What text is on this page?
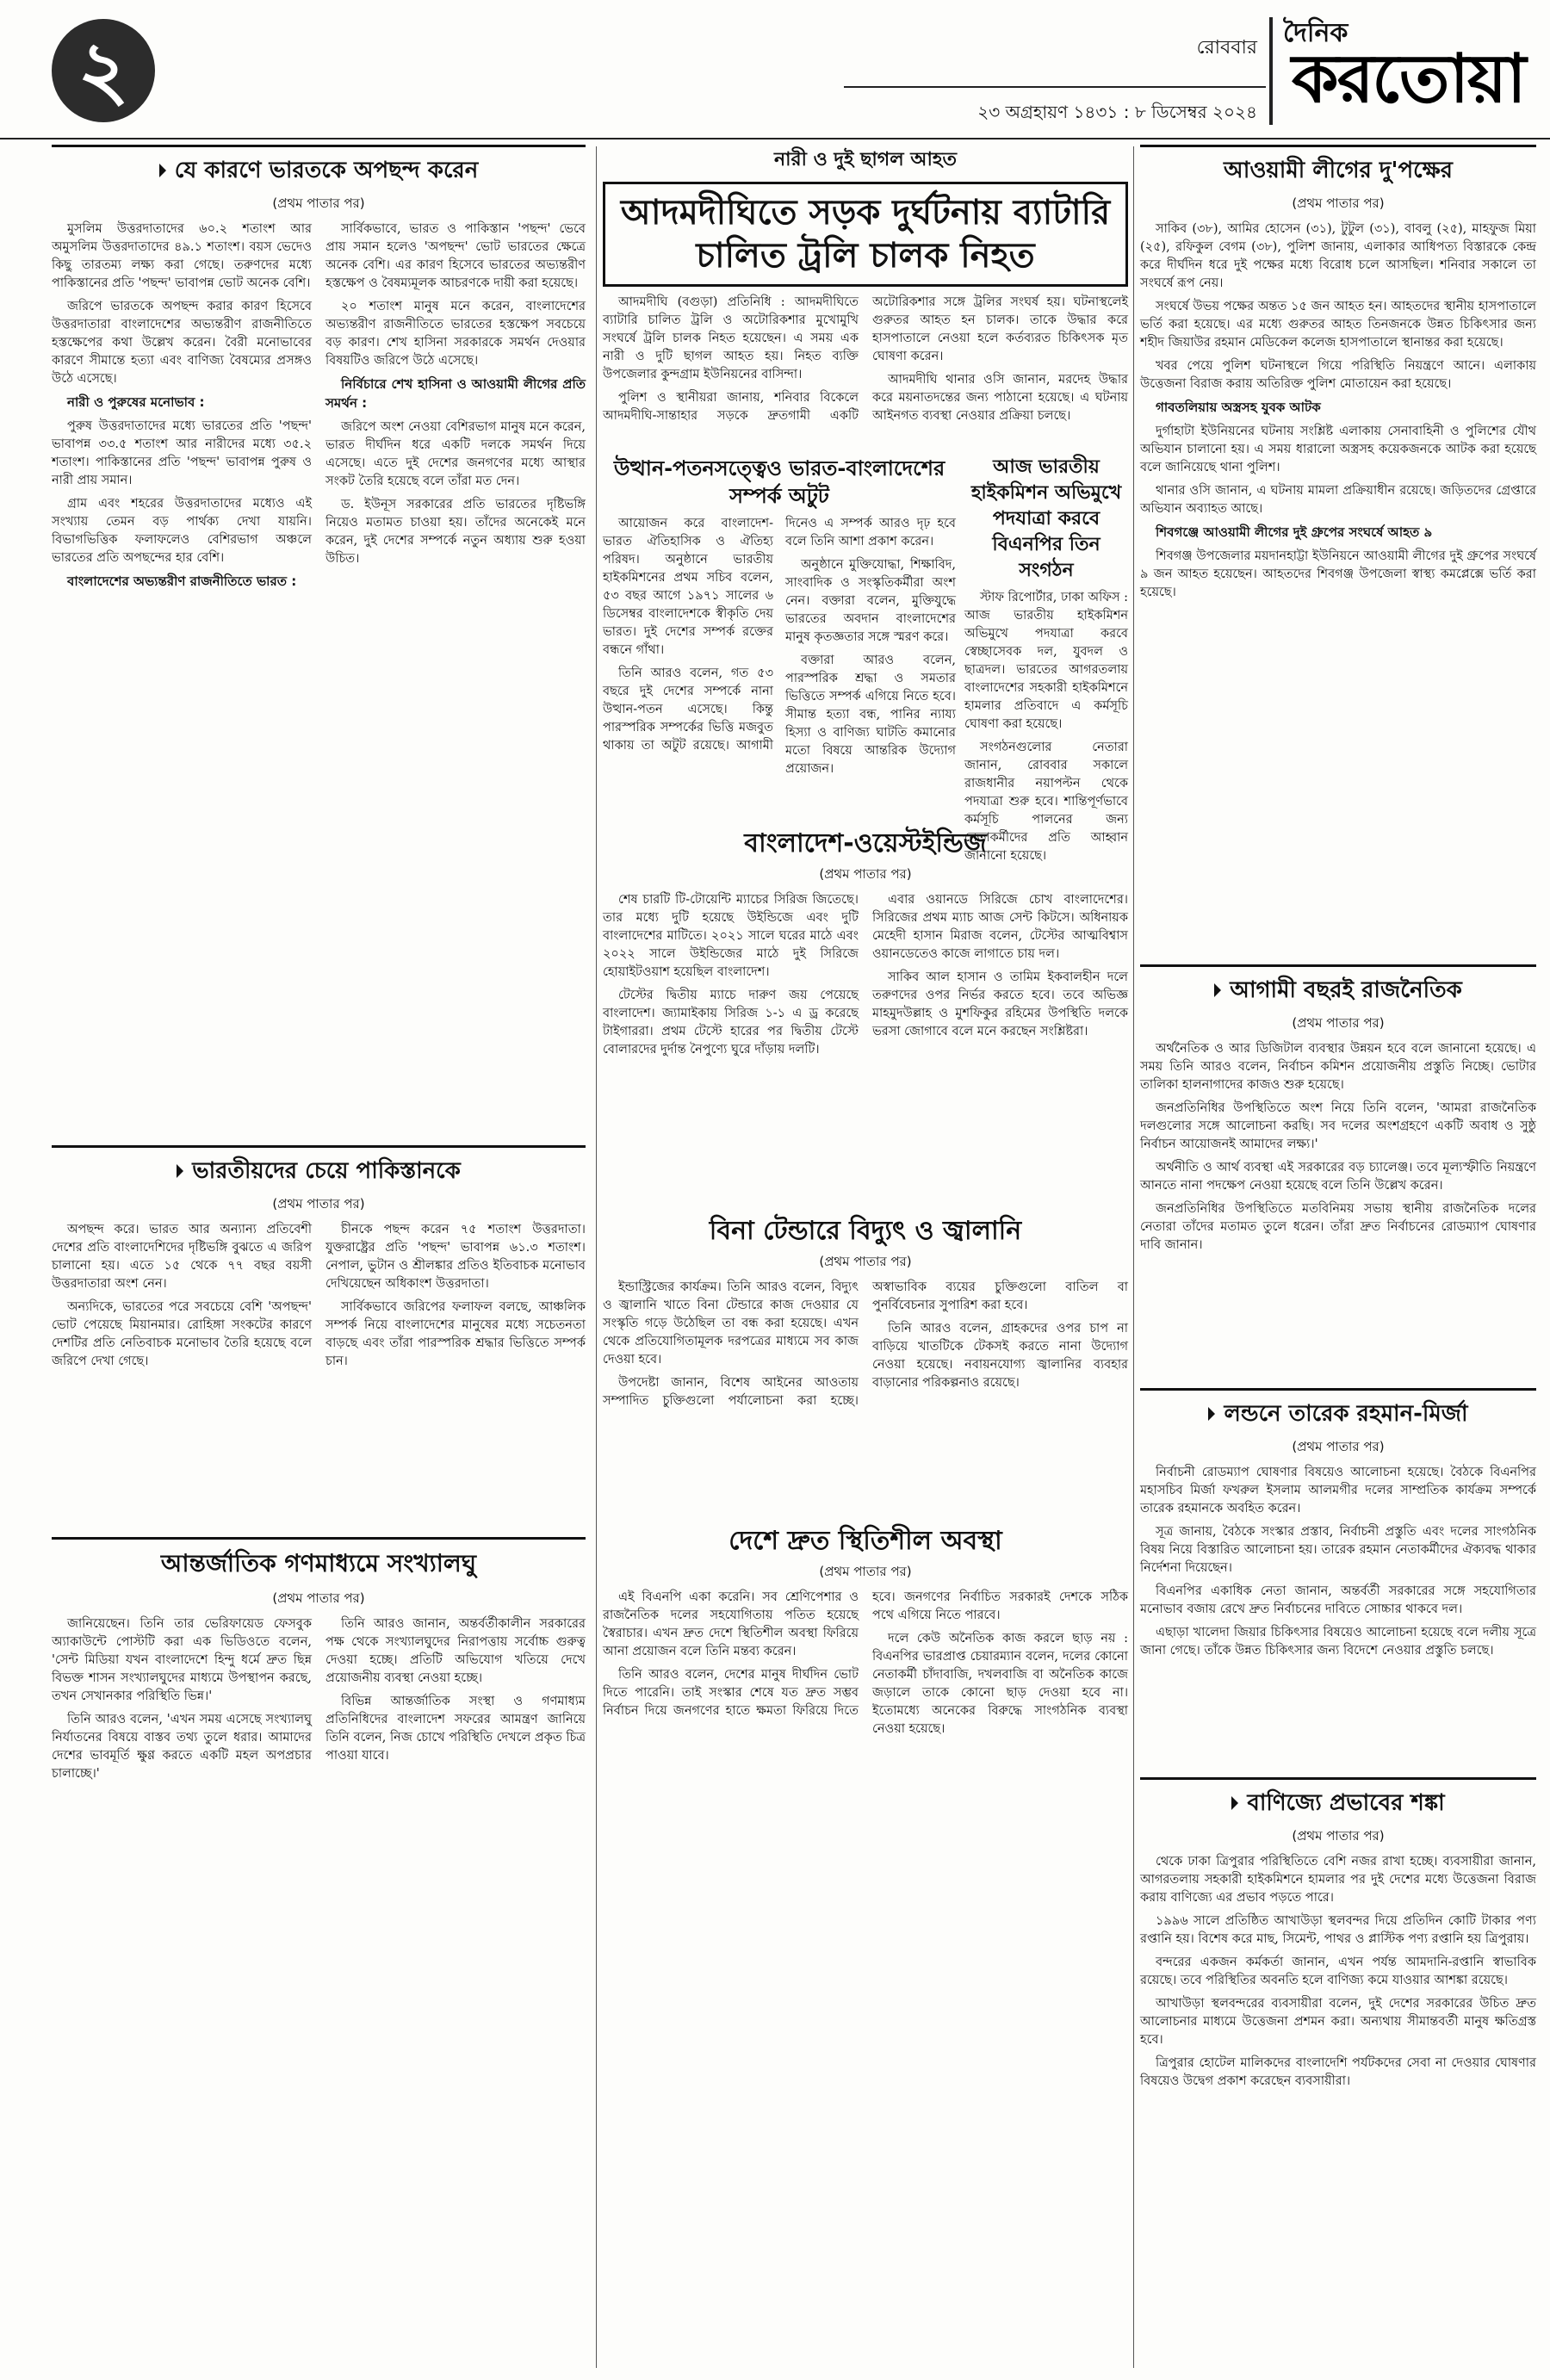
২	রোববার
২৩ অগ্রহায়ণ ১৪৩১ : ৮ ডিসেম্বর ২০২৪
দৈনিক
করতোয়া
যে কারণে ভারতকে অপছন্দ করেন
(প্রথম পাতার পর)

মুসলিম উত্তরদাতাদের ৬০.২ শতাংশ আর অমুসলিম উত্তরদাতাদের ৪৯.১ শতাংশ। বয়স ভেদেও কিছু তারতম্য লক্ষ্য করা গেছে। তরুণদের মধ্যে পাকিস্তানের প্রতি 'পছন্দ' ভাবাপন্ন ভোট অনেক বেশি।

জরিপে ভারতকে অপছন্দ করার কারণ হিসেবে উত্তরদাতারা বাংলাদেশের অভ্যন্তরীণ রাজনীতিতে হস্তক্ষেপের কথা উল্লেখ করেন। বৈরী মনোভাবের কারণে সীমান্তে হত্যা এবং বাণিজ্য বৈষম্যের প্রসঙ্গও উঠে এসেছে।

নারী ও পুরুষের মনোভাব :

পুরুষ উত্তরদাতাদের মধ্যে ভারতের প্রতি 'পছন্দ' ভাবাপন্ন ৩৩.৫ শতাংশ আর নারীদের মধ্যে ৩৫.২ শতাংশ। পাকিস্তানের প্রতি 'পছন্দ' ভাবাপন্ন পুরুষ ও নারী প্রায় সমান।

গ্রাম এবং শহরের উত্তরদাতাদের মধ্যেও এই সংখ্যায় তেমন বড় পার্থক্য দেখা যায়নি। বিভাগভিত্তিক ফলাফলেও বেশিরভাগ অঞ্চলে ভারতের প্রতি অপছন্দের হার বেশি।

বাংলাদেশের অভ্যন্তরীণ রাজনীতিতে ভারত :

সার্বিকভাবে, ভারত ও পাকিস্তান 'পছন্দ' ভেবে প্রায় সমান হলেও 'অপছন্দ' ভোট ভারতের ক্ষেত্রে অনেক বেশি। এর কারণ হিসেবে ভারতের অভ্যন্তরীণ হস্তক্ষেপ ও বৈষম্যমূলক আচরণকে দায়ী করা হয়েছে।

২০ শতাংশ মানুষ মনে করেন, বাংলাদেশের অভ্যন্তরীণ রাজনীতিতে ভারতের হস্তক্ষেপ সবচেয়ে বড় কারণ। শেখ হাসিনা সরকারকে সমর্থন দেওয়ার বিষয়টিও জরিপে উঠে এসেছে।

নির্বিচারে শেখ হাসিনা ও আওয়ামী লীগের প্রতি সমর্থন :

জরিপে অংশ নেওয়া বেশিরভাগ মানুষ মনে করেন, ভারত দীর্ঘদিন ধরে একটি দলকে সমর্থন দিয়ে এসেছে। এতে দুই দেশের জনগণের মধ্যে আস্থার সংকট তৈরি হয়েছে বলে তাঁরা মত দেন।

ড. ইউনূস সরকারের প্রতি ভারতের দৃষ্টিভঙ্গি নিয়েও মতামত চাওয়া হয়। তাঁদের অনেকেই মনে করেন, দুই দেশের সম্পর্কে নতুন অধ্যায় শুরু হওয়া উচিত।

ভারতীয়দের চেয়ে পাকিস্তানকে
(প্রথম পাতার পর)

অপছন্দ করে। ভারত আর অন্যান্য প্রতিবেশী দেশের প্রতি বাংলাদেশিদের দৃষ্টিভঙ্গি বুঝতে এ জরিপ চালানো হয়। এতে ১৫ থেকে ৭৭ বছর বয়সী উত্তরদাতারা অংশ নেন।

অন্যদিকে, ভারতের পরে সবচেয়ে বেশি 'অপছন্দ' ভোট পেয়েছে মিয়ানমার। রোহিঙ্গা সংকটের কারণে দেশটির প্রতি নেতিবাচক মনোভাব তৈরি হয়েছে বলে জরিপে দেখা গেছে।

চীনকে পছন্দ করেন ৭৫ শতাংশ উত্তরদাতা। যুক্তরাষ্ট্রের প্রতি 'পছন্দ' ভাবাপন্ন ৬১.৩ শতাংশ। নেপাল, ভুটান ও শ্রীলঙ্কার প্রতিও ইতিবাচক মনোভাব দেখিয়েছেন অধিকাংশ উত্তরদাতা।

সার্বিকভাবে জরিপের ফলাফল বলছে, আঞ্চলিক সম্পর্ক নিয়ে বাংলাদেশের মানুষের মধ্যে সচেতনতা বাড়ছে এবং তাঁরা পারস্পরিক শ্রদ্ধার ভিত্তিতে সম্পর্ক চান।

আন্তর্জাতিক গণমাধ্যমে সংখ্যালঘু
(প্রথম পাতার পর)

জানিয়েছেন। তিনি তার ভেরিফায়েড ফেসবুক অ্যাকাউন্টে পোস্টটি করা এক ভিডিওতে বলেন, 'সেন্ট মিডিয়া যখন বাংলাদেশে হিন্দু ধর্মে দ্রুত ছিন্ন বিভক্ত শাসন সংখ্যালঘুদের মাধ্যমে উপস্থাপন করছে, তখন সেখানকার পরিস্থিতি ভিন্ন।'

তিনি আরও বলেন, 'এখন সময় এসেছে সংখ্যালঘু নির্যাতনের বিষয়ে বাস্তব তথ্য তুলে ধরার। আমাদের দেশের ভাবমূর্তি ক্ষুণ্ণ করতে একটি মহল অপপ্রচার চালাচ্ছে।'

তিনি আরও জানান, অন্তর্বর্তীকালীন সরকারের পক্ষ থেকে সংখ্যালঘুদের নিরাপত্তায় সর্বোচ্চ গুরুত্ব দেওয়া হচ্ছে। প্রতিটি অভিযোগ খতিয়ে দেখে প্রয়োজনীয় ব্যবস্থা নেওয়া হচ্ছে।

বিভিন্ন আন্তর্জাতিক সংস্থা ও গণমাধ্যম প্রতিনিধিদের বাংলাদেশ সফরের আমন্ত্রণ জানিয়ে তিনি বলেন, নিজ চোখে পরিস্থিতি দেখলে প্রকৃত চিত্র পাওয়া যাবে।

নারী ও দুই ছাগল আহত
আদমদীঘিতে সড়ক দুর্ঘটনায় ব্যাটারি চালিত ট্রলি চালক নিহত

আদমদীঘি (বগুড়া) প্রতিনিধি : আদমদীঘিতে ব্যাটারি চালিত ট্রলি ও অটোরিকশার মুখোমুখি সংঘর্ষে ট্রলি চালক নিহত হয়েছেন। এ সময় এক নারী ও দুটি ছাগল আহত হয়। নিহত ব্যক্তি উপজেলার কুন্দগ্রাম ইউনিয়নের বাসিন্দা।

পুলিশ ও স্থানীয়রা জানায়, শনিবার বিকেলে আদমদীঘি-সান্তাহার সড়কে দ্রুতগামী একটি অটোরিকশার সঙ্গে ট্রলির সংঘর্ষ হয়। ঘটনাস্থলেই গুরুতর আহত হন চালক। তাকে উদ্ধার করে হাসপাতালে নেওয়া হলে কর্তব্যরত চিকিৎসক মৃত ঘোষণা করেন।

আদমদীঘি থানার ওসি জানান, মরদেহ উদ্ধার করে ময়নাতদন্তের জন্য পাঠানো হয়েছে। এ ঘটনায় আইনগত ব্যবস্থা নেওয়ার প্রক্রিয়া চলছে।

উত্থান-পতনসত্ত্বেও ভারত-বাংলাদেশের সম্পর্ক অটুট

আয়োজন করে বাংলাদেশ-ভারত ঐতিহাসিক ও ঐতিহ্য পরিষদ। অনুষ্ঠানে ভারতীয় হাইকমিশনের প্রথম সচিব বলেন, ৫৩ বছর আগে ১৯৭১ সালের ৬ ডিসেম্বর বাংলাদেশকে স্বীকৃতি দেয় ভারত। দুই দেশের সম্পর্ক রক্তের বন্ধনে গাঁথা।

তিনি আরও বলেন, গত ৫৩ বছরে দুই দেশের সম্পর্কে নানা উত্থান-পতন এসেছে। কিন্তু পারস্পরিক সম্পর্কের ভিত্তি মজবুত থাকায় তা অটুট রয়েছে। আগামী দিনেও এ সম্পর্ক আরও দৃঢ় হবে বলে তিনি আশা প্রকাশ করেন।

অনুষ্ঠানে মুক্তিযোদ্ধা, শিক্ষাবিদ, সাংবাদিক ও সংস্কৃতিকর্মীরা অংশ নেন। বক্তারা বলেন, মুক্তিযুদ্ধে ভারতের অবদান বাংলাদেশের মানুষ কৃতজ্ঞতার সঙ্গে স্মরণ করে।

বক্তারা আরও বলেন, পারস্পরিক শ্রদ্ধা ও সমতার ভিত্তিতে সম্পর্ক এগিয়ে নিতে হবে। সীমান্ত হত্যা বন্ধ, পানির ন্যায্য হিস্যা ও বাণিজ্য ঘাটতি কমানোর মতো বিষয়ে আন্তরিক উদ্যোগ প্রয়োজন।

আজ ভারতীয় হাইকমিশন অভিমুখে পদযাত্রা করবে বিএনপির তিন সংগঠন

স্টাফ রিপোর্টার, ঢাকা অফিস : আজ ভারতীয় হাইকমিশন অভিমুখে পদযাত্রা করবে স্বেচ্ছাসেবক দল, যুবদল ও ছাত্রদল। ভারতের আগরতলায় বাংলাদেশের সহকারী হাইকমিশনে হামলার প্রতিবাদে এ কর্মসূচি ঘোষণা করা হয়েছে।

সংগঠনগুলোর নেতারা জানান, রোববার সকালে রাজধানীর নয়াপল্টন থেকে পদযাত্রা শুরু হবে। শান্তিপূর্ণভাবে কর্মসূচি পালনের জন্য নেতাকর্মীদের প্রতি আহ্বান জানানো হয়েছে।

বাংলাদেশ-ওয়েস্টইন্ডিজ
(প্রথম পাতার পর)

শেষ চারটি টি-টোয়েন্টি ম্যাচের সিরিজ জিতেছে। তার মধ্যে দুটি হয়েছে উইন্ডিজে এবং দুটি বাংলাদেশের মাটিতে। ২০২১ সালে ঘরের মাঠে এবং ২০২২ সালে উইন্ডিজের মাঠে দুই সিরিজে হোয়াইটওয়াশ হয়েছিল বাংলাদেশ।

টেস্টের দ্বিতীয় ম্যাচে দারুণ জয় পেয়েছে বাংলাদেশ। জ্যামাইকায় সিরিজ ১-১ এ ড্র করেছে টাইগাররা। প্রথম টেস্টে হারের পর দ্বিতীয় টেস্টে বোলারদের দুর্দান্ত নৈপুণ্যে ঘুরে দাঁড়ায় দলটি।

এবার ওয়ানডে সিরিজে চোখ বাংলাদেশের। সিরিজের প্রথম ম্যাচ আজ সেন্ট কিটসে। অধিনায়ক মেহেদী হাসান মিরাজ বলেন, টেস্টের আত্মবিশ্বাস ওয়ানডেতেও কাজে লাগাতে চায় দল।

সাকিব আল হাসান ও তামিম ইকবালহীন দলে তরুণদের ওপর নির্ভর করতে হবে। তবে অভিজ্ঞ মাহমুদউল্লাহ ও মুশফিকুর রহিমের উপস্থিতি দলকে ভরসা জোগাবে বলে মনে করছেন সংশ্লিষ্টরা।

বিনা টেন্ডারে বিদ্যুৎ ও জ্বালানি
(প্রথম পাতার পর)

ইন্ডাস্ট্রিজের কার্যক্রম। তিনি আরও বলেন, বিদ্যুৎ ও জ্বালানি খাতে বিনা টেন্ডারে কাজ দেওয়ার যে সংস্কৃতি গড়ে উঠেছিল তা বন্ধ করা হয়েছে। এখন থেকে প্রতিযোগিতামূলক দরপত্রের মাধ্যমে সব কাজ দেওয়া হবে।

উপদেষ্টা জানান, বিশেষ আইনের আওতায় সম্পাদিত চুক্তিগুলো পর্যালোচনা করা হচ্ছে। অস্বাভাবিক ব্যয়ের চুক্তিগুলো বাতিল বা পুনর্বিবেচনার সুপারিশ করা হবে।

তিনি আরও বলেন, গ্রাহকদের ওপর চাপ না বাড়িয়ে খাতটিকে টেকসই করতে নানা উদ্যোগ নেওয়া হয়েছে। নবায়নযোগ্য জ্বালানির ব্যবহার বাড়ানোর পরিকল্পনাও রয়েছে।

দেশে দ্রুত স্থিতিশীল অবস্থা
(প্রথম পাতার পর)

এই বিএনপি একা করেনি। সব শ্রেণিপেশার ও রাজনৈতিক দলের সহযোগিতায় পতিত হয়েছে স্বৈরাচার। এখন দ্রুত দেশে স্থিতিশীল অবস্থা ফিরিয়ে আনা প্রয়োজন বলে তিনি মন্তব্য করেন।

তিনি আরও বলেন, দেশের মানুষ দীর্ঘদিন ভোট দিতে পারেনি। তাই সংস্কার শেষে যত দ্রুত সম্ভব নির্বাচন দিয়ে জনগণের হাতে ক্ষমতা ফিরিয়ে দিতে হবে। জনগণের নির্বাচিত সরকারই দেশকে সঠিক পথে এগিয়ে নিতে পারবে।

দলে কেউ অনৈতিক কাজ করলে ছাড় নয় : বিএনপির ভারপ্রাপ্ত চেয়ারম্যান বলেন, দলের কোনো নেতাকর্মী চাঁদাবাজি, দখলবাজি বা অনৈতিক কাজে জড়ালে তাকে কোনো ছাড় দেওয়া হবে না। ইতোমধ্যে অনেকের বিরুদ্ধে সাংগঠনিক ব্যবস্থা নেওয়া হয়েছে।

আওয়ামী লীগের দু'পক্ষের
(প্রথম পাতার পর)

সাকিব (৩৮), আমির হোসেন (৩১), টুটুল (৩১), বাবলু (২৫), মাহফুজ মিয়া (২৫), রফিকুল বেগম (৩৮), পুলিশ জানায়, এলাকার আধিপত্য বিস্তারকে কেন্দ্র করে দীর্ঘদিন ধরে দুই পক্ষের মধ্যে বিরোধ চলে আসছিল। শনিবার সকালে তা সংঘর্ষে রূপ নেয়।

সংঘর্ষে উভয় পক্ষের অন্তত ১৫ জন আহত হন। আহতদের স্থানীয় হাসপাতালে ভর্তি করা হয়েছে। এর মধ্যে গুরুতর আহত তিনজনকে উন্নত চিকিৎসার জন্য শহীদ জিয়াউর রহমান মেডিকেল কলেজ হাসপাতালে স্থানান্তর করা হয়েছে।

খবর পেয়ে পুলিশ ঘটনাস্থলে গিয়ে পরিস্থিতি নিয়ন্ত্রণে আনে। এলাকায় উত্তেজনা বিরাজ করায় অতিরিক্ত পুলিশ মোতায়েন করা হয়েছে।

গাবতলিয়ায় অস্ত্রসহ যুবক আটক

দুর্গাহাটা ইউনিয়নের ঘটনায় সংশ্লিষ্ট এলাকায় সেনাবাহিনী ও পুলিশের যৌথ অভিযান চালানো হয়। এ সময় ধারালো অস্ত্রসহ কয়েকজনকে আটক করা হয়েছে বলে জানিয়েছে থানা পুলিশ।

থানার ওসি জানান, এ ঘটনায় মামলা প্রক্রিয়াধীন রয়েছে। জড়িতদের গ্রেপ্তারে অভিযান অব্যাহত আছে।

শিবগঞ্জে আওয়ামী লীগের দুই গ্রুপের সংঘর্ষে আহত ৯

শিবগঞ্জ উপজেলার ময়দানহাট্টা ইউনিয়নে আওয়ামী লীগের দুই গ্রুপের সংঘর্ষে ৯ জন আহত হয়েছেন। আহতদের শিবগঞ্জ উপজেলা স্বাস্থ্য কমপ্লেক্সে ভর্তি করা হয়েছে।

আগামী বছরই রাজনৈতিক
(প্রথম পাতার পর)

অর্থনৈতিক ও আর ডিজিটাল ব্যবস্থার উন্নয়ন হবে বলে জানানো হয়েছে। এ সময় তিনি আরও বলেন, নির্বাচন কমিশন প্রয়োজনীয় প্রস্তুতি নিচ্ছে। ভোটার তালিকা হালনাগাদের কাজও শুরু হয়েছে।

জনপ্রতিনিধির উপস্থিতিতে অংশ নিয়ে তিনি বলেন, 'আমরা রাজনৈতিক দলগুলোর সঙ্গে আলোচনা করছি। সব দলের অংশগ্রহণে একটি অবাধ ও সুষ্ঠু নির্বাচন আয়োজনই আমাদের লক্ষ্য।'

অর্থনীতি ও আর্থ ব্যবস্থা এই সরকারের বড় চ্যালেঞ্জ। তবে মূল্যস্ফীতি নিয়ন্ত্রণে আনতে নানা পদক্ষেপ নেওয়া হয়েছে বলে তিনি উল্লেখ করেন।

জনপ্রতিনিধির উপস্থিতিতে মতবিনিময় সভায় স্থানীয় রাজনৈতিক দলের নেতারা তাঁদের মতামত তুলে ধরেন। তাঁরা দ্রুত নির্বাচনের রোডম্যাপ ঘোষণার দাবি জানান।

লন্ডনে তারেক রহমান-মির্জা
(প্রথম পাতার পর)

নির্বাচনী রোডম্যাপ ঘোষণার বিষয়েও আলোচনা হয়েছে। বৈঠকে বিএনপির মহাসচিব মির্জা ফখরুল ইসলাম আলমগীর দলের সাম্প্রতিক কার্যক্রম সম্পর্কে তারেক রহমানকে অবহিত করেন।

সূত্র জানায়, বৈঠকে সংস্কার প্রস্তাব, নির্বাচনী প্রস্তুতি এবং দলের সাংগঠনিক বিষয় নিয়ে বিস্তারিত আলোচনা হয়। তারেক রহমান নেতাকর্মীদের ঐক্যবদ্ধ থাকার নির্দেশনা দিয়েছেন।

বিএনপির একাধিক নেতা জানান, অন্তর্বর্তী সরকারের সঙ্গে সহযোগিতার মনোভাব বজায় রেখে দ্রুত নির্বাচনের দাবিতে সোচ্চার থাকবে দল।

এছাড়া খালেদা জিয়ার চিকিৎসার বিষয়েও আলোচনা হয়েছে বলে দলীয় সূত্রে জানা গেছে। তাঁকে উন্নত চিকিৎসার জন্য বিদেশে নেওয়ার প্রস্তুতি চলছে।

বাণিজ্যে প্রভাবের শঙ্কা
(প্রথম পাতার পর)

থেকে ঢাকা ত্রিপুরার পরিস্থিতিতে বেশি নজর রাখা হচ্ছে। ব্যবসায়ীরা জানান, আগরতলায় সহকারী হাইকমিশনে হামলার পর দুই দেশের মধ্যে উত্তেজনা বিরাজ করায় বাণিজ্যে এর প্রভাব পড়তে পারে।

১৯৯৬ সালে প্রতিষ্ঠিত আখাউড়া স্থলবন্দর দিয়ে প্রতিদিন কোটি টাকার পণ্য রপ্তানি হয়। বিশেষ করে মাছ, সিমেন্ট, পাথর ও প্লাস্টিক পণ্য রপ্তানি হয় ত্রিপুরায়।

বন্দরের একজন কর্মকর্তা জানান, এখন পর্যন্ত আমদানি-রপ্তানি স্বাভাবিক রয়েছে। তবে পরিস্থিতির অবনতি হলে বাণিজ্য কমে যাওয়ার আশঙ্কা রয়েছে।

আখাউড়া স্থলবন্দরের ব্যবসায়ীরা বলেন, দুই দেশের সরকারের উচিত দ্রুত আলোচনার মাধ্যমে উত্তেজনা প্রশমন করা। অন্যথায় সীমান্তবর্তী মানুষ ক্ষতিগ্রস্ত হবে।

ত্রিপুরার হোটেল মালিকদের বাংলাদেশি পর্যটকদের সেবা না দেওয়ার ঘোষণার বিষয়েও উদ্বেগ প্রকাশ করেছেন ব্যবসায়ীরা।
